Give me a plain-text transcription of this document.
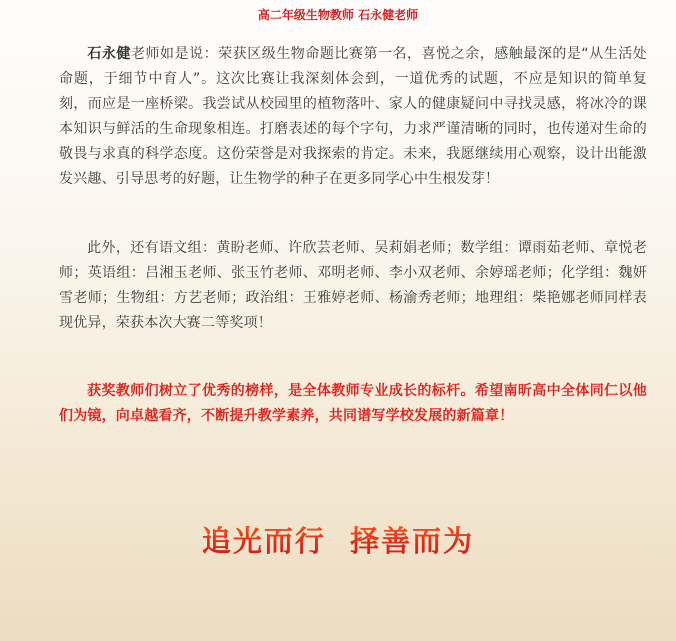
高二年级生物教师 石永健老师

石永健老师如是说：荣获区级生物命题比赛第一名，喜悦之余，感触最深的是“从生活处命题，于细节中育人”。这次比赛让我深刻体会到，一道优秀的试题，不应是知识的简单复刻，而应是一座桥梁。我尝试从校园里的植物落叶、家人的健康疑问中寻找灵感，将冰冷的课本知识与鲜活的生命现象相连。打磨表述的每个字句，力求严谨清晰的同时，也传递对生命的敬畏与求真的科学态度。这份荣誉是对我探索的肯定。未来，我愿继续用心观察，设计出能激发兴趣、引导思考的好题，让生物学的种子在更多同学心中生根发芽！

此外，还有语文组：黄盼老师、许欣芸老师、吴莉娟老师；数学组：谭雨茹老师、章悦老师；英语组：吕湘玉老师、张玉竹老师、邓明老师、李小双老师、余婷瑶老师；化学组：魏妍雪老师；生物组：方艺老师；政治组：王雅婷老师、杨渝秀老师；地理组：柴艳娜老师同样表现优异，荣获本次大赛二等奖项！

获奖教师们树立了优秀的榜样，是全体教师专业成长的标杆。希望南昕高中全体同仁以他们为镜，向卓越看齐，不断提升教学素养，共同谱写学校发展的新篇章！

追光而行  择善而为
